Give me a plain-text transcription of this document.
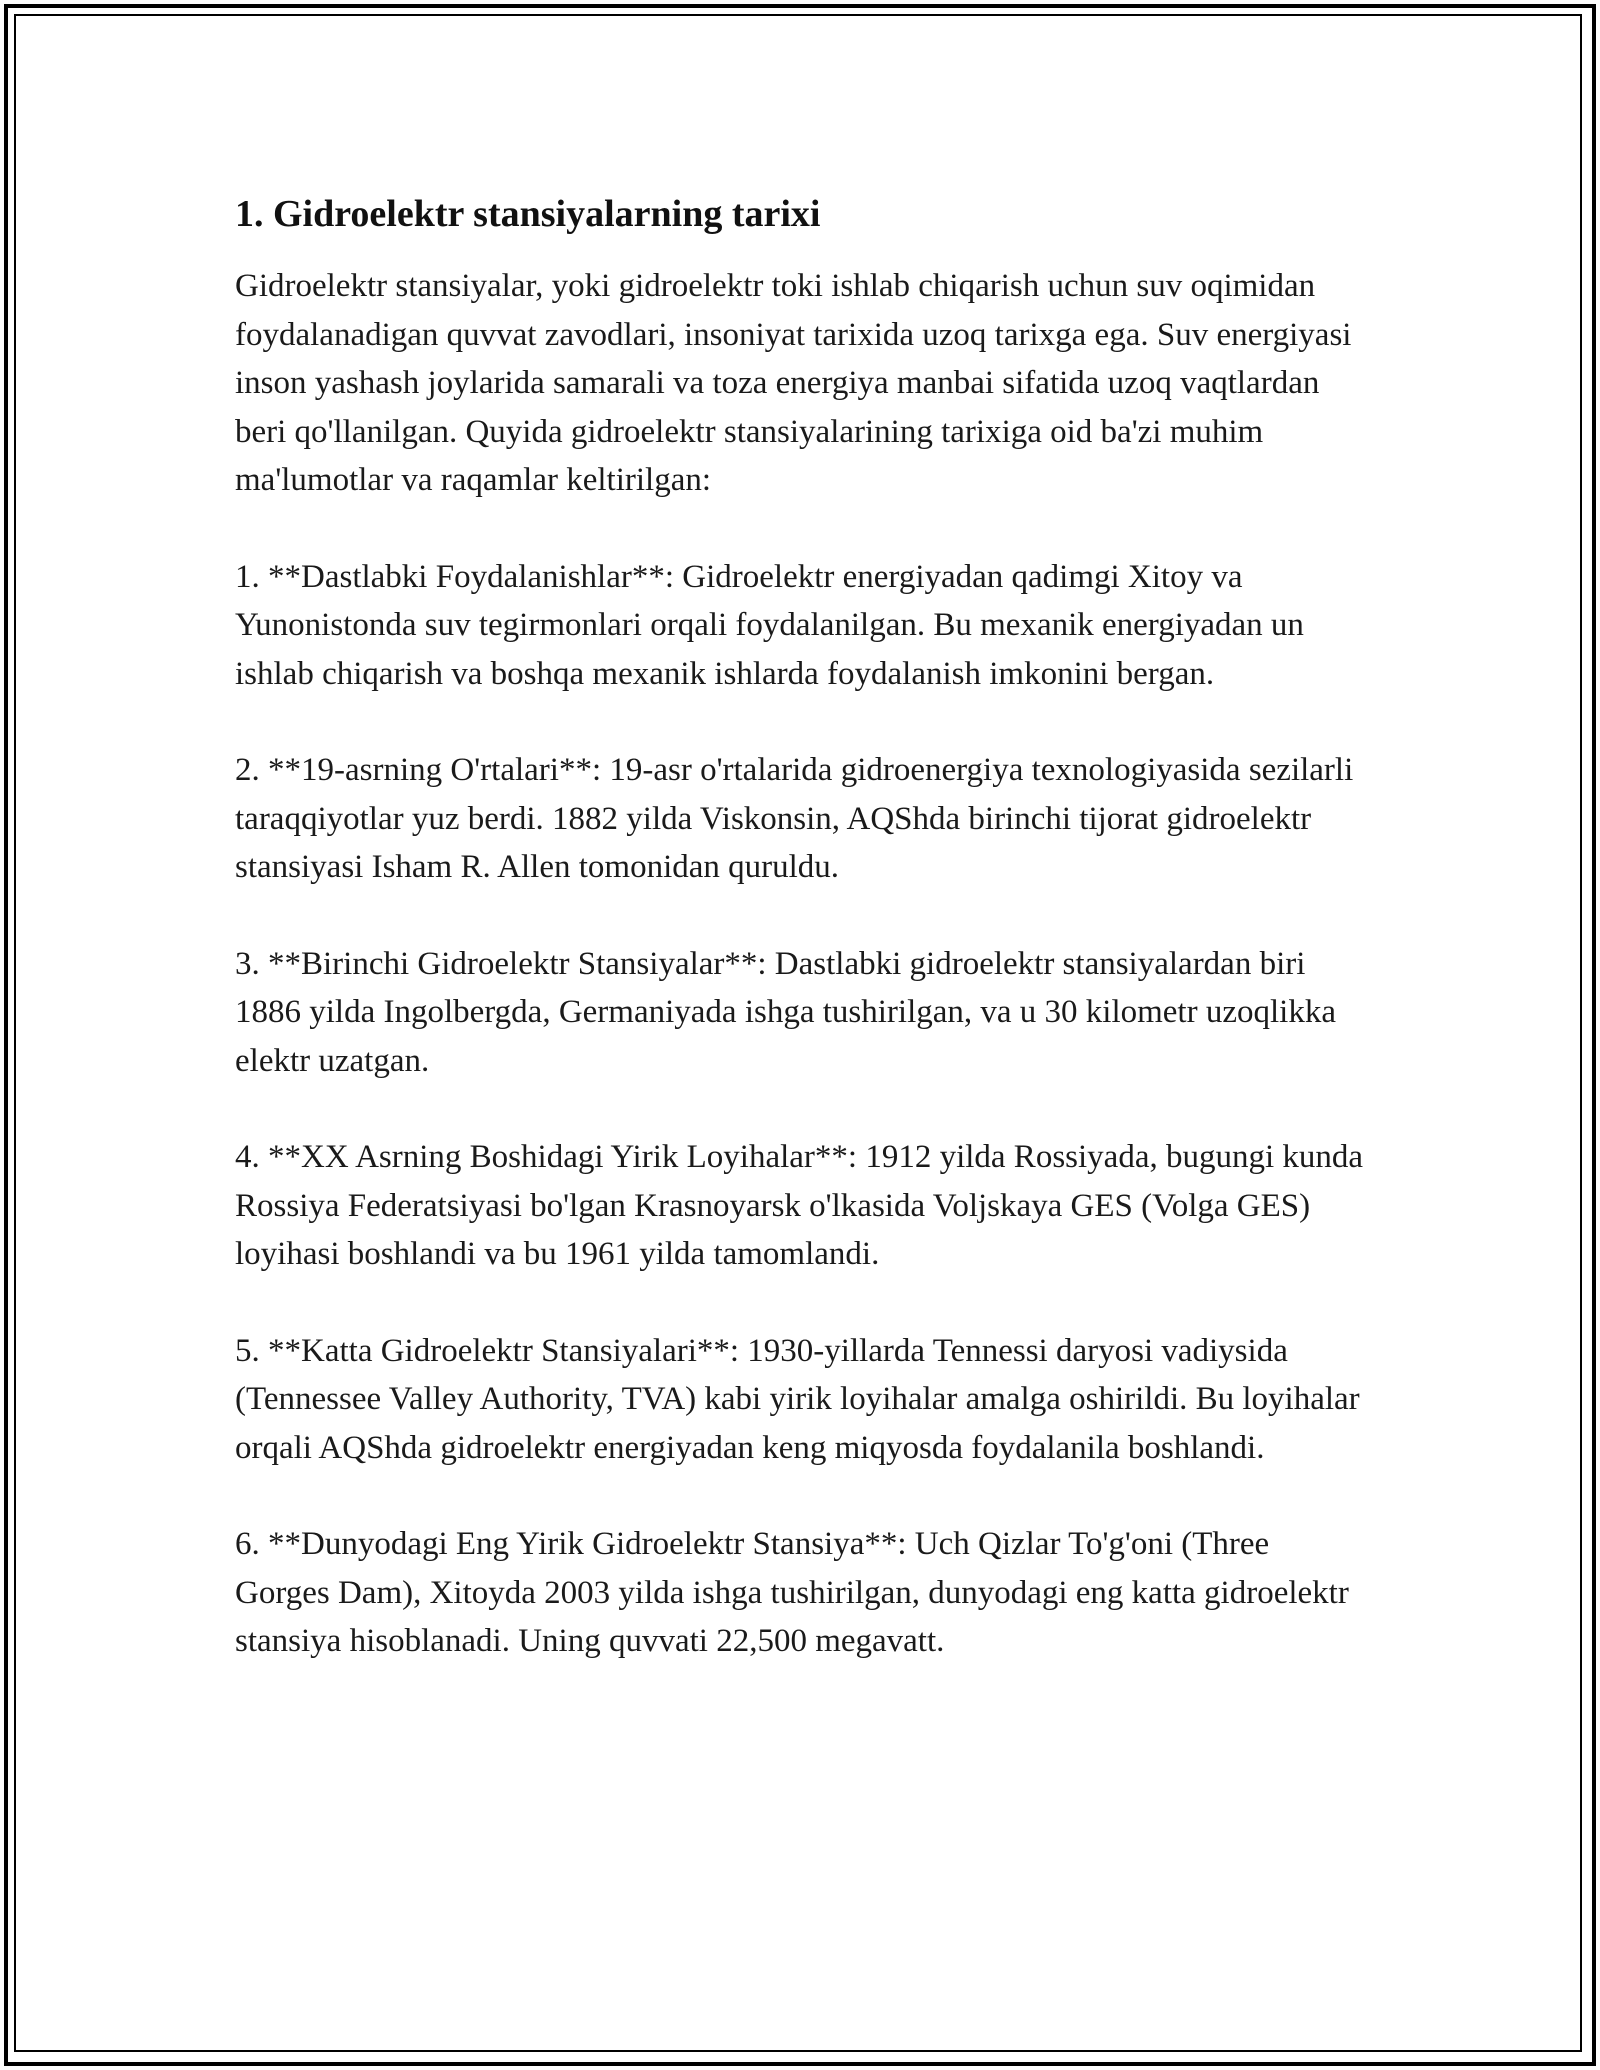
1. Gidroelektr stansiyalarning tarixi

Gidroelektr stansiyalar, yoki gidroelektr toki ishlab chiqarish uchun suv oqimidan foydalanadigan quvvat zavodlari, insoniyat tarixida uzoq tarixga ega. Suv energiyasi inson yashash joylarida samarali va toza energiya manbai sifatida uzoq vaqtlardan beri qo'llanilgan. Quyida gidroelektr stansiyalarining tarixiga oid ba'zi muhim ma'lumotlar va raqamlar keltirilgan:

1. **Dastlabki Foydalanishlar**: Gidroelektr energiyadan qadimgi Xitoy va Yunonistonda suv tegirmonlari orqali foydalanilgan. Bu mexanik energiyadan un ishlab chiqarish va boshqa mexanik ishlarda foydalanish imkonini bergan.

2. **19-asrning O'rtalari**: 19-asr o'rtalarida gidroenergiya texnologiyasida sezilarli taraqqiyotlar yuz berdi. 1882 yilda Viskonsin, AQShda birinchi tijorat gidroelektr stansiyasi Isham R. Allen tomonidan quruldu.

3. **Birinchi Gidroelektr Stansiyalar**: Dastlabki gidroelektr stansiyalardan biri 1886 yilda Ingolbergda, Germaniyada ishga tushirilgan, va u 30 kilometr uzoqlikka elektr uzatgan.

4. **XX Asrning Boshidagi Yirik Loyihalar**: 1912 yilda Rossiyada, bugungi kunda Rossiya Federatsiyasi bo'lgan Krasnoyarsk o'lkasida Voljskaya GES (Volga GES) loyihasi boshlandi va bu 1961 yilda tamomlandi.

5. **Katta Gidroelektr Stansiyalari**: 1930-yillarda Tennessi daryosi vadiysida (Tennessee Valley Authority, TVA) kabi yirik loyihalar amalga oshirildi. Bu loyihalar orqali AQShda gidroelektr energiyadan keng miqyosda foydalanila boshlandi.

6. **Dunyodagi Eng Yirik Gidroelektr Stansiya**: Uch Qizlar To'g'oni (Three Gorges Dam), Xitoyda 2003 yilda ishga tushirilgan, dunyodagi eng katta gidroelektr stansiya hisoblanadi. Uning quvvati 22,500 megavatt.
